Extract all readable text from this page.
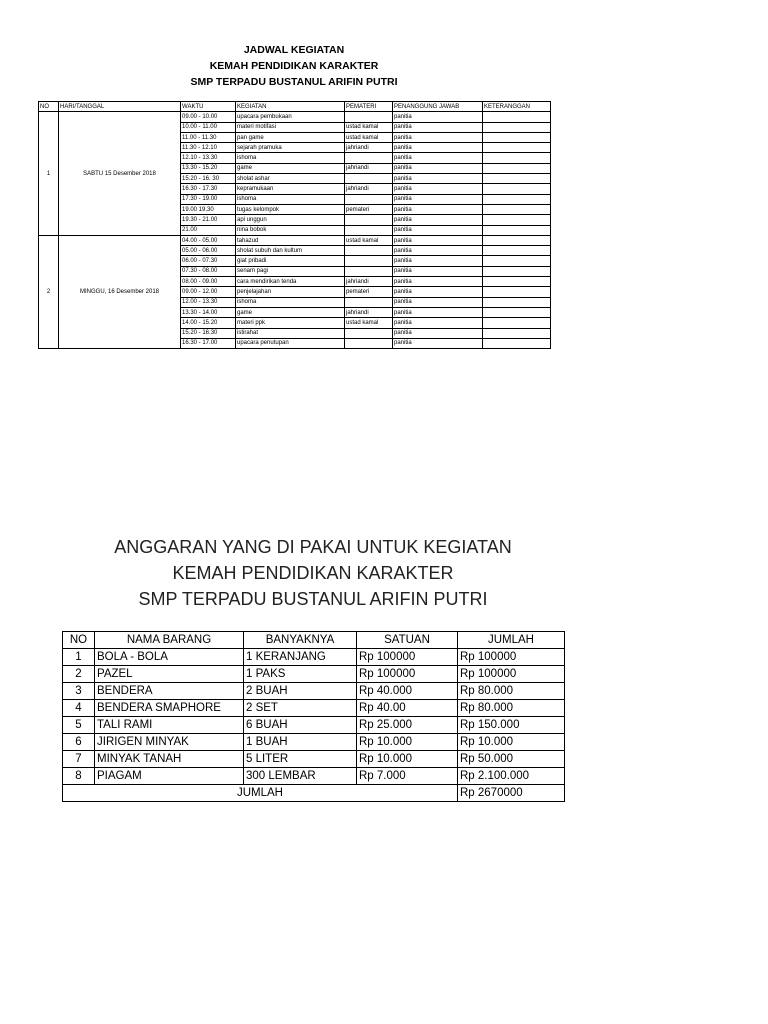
JADWAL KEGIATAN
KEMAH PENDIDIKAN KARAKTER
SMP TERPADU BUSTANUL ARIFIN PUTRI
NO	HARI/TANGGAL	WAKTU	KEGIATAN	PEMATERI	PENANGGUNG JAWAB	KETERANGGAN
1	SABTU 15 Desember 2018	09.00 - 10.00	upacara pembukaan		panitia	
		10.00 - 11.00	materi motifasi	ustad kamal	panitia	
		11.00 - 11.30	pan game	ustad kamal	panitia	
		11.30 - 12.10	sejarah pramuka	jahriandi	panitia	
		12.10 - 13.30	ishoma		panitia	
		13.30 - 15.20	game	jahriandi	panitia	
		15.20 - 16. 30	sholat ashar		panitia	
		16.30 - 17.30	kepramukaan	jahriandi	panitia	
		17.30 - 19.00	ishoma		panitia	
		19.00 19.30	tugas kelompok	pemateri	panitia	
		19.30 - 21.00	api unggun		panitia	
		21.00	nina bobok		panitia	
2	MINGGU, 16 Desember 2018	04.00 - 05.00	tahazud	ustad kamal	panitia	
		05.00 - 06.00	sholat subuh dan kultum		panitia	
		06.00 - 07.30	giat pribadi		panitia	
		07.30 - 08.00	senam pagi		panitia	
		08.00 - 09.00	cara mendirikan tenda	jahriandi	panitia	
		09.00 - 12.00	penjelajahan	pemateri	panitia	
		12.00 - 13.30	ishoma		panitia	
		13.30 - 14.00	game	jahriandi	panitia	
		14.00 - 15.20	materi ppk	ustad kamal	panitia	
		15.20 - 16.30	istirahat		panitia	
		16.30 - 17.00	upacara penutupan		panitia	
ANGGARAN YANG DI PAKAI UNTUK KEGIATAN
KEMAH PENDIDIKAN KARAKTER
SMP TERPADU BUSTANUL ARIFIN PUTRI
NO	NAMA BARANG	BANYAKNYA	SATUAN	JUMLAH
1	BOLA - BOLA	1 KERANJANG	Rp 100000	Rp 100000
2	PAZEL	1 PAKS	Rp 100000	Rp 100000
3	BENDERA	2 BUAH	Rp 40.000	Rp 80.000
4	BENDERA SMAPHORE	2 SET	Rp 40.00	Rp 80.000
5	TALI RAMI	6 BUAH	Rp 25.000	Rp 150.000
6	JIRIGEN MINYAK	1 BUAH	Rp 10.000	Rp 10.000
7	MINYAK TANAH	5 LITER	Rp 10.000	Rp 50.000
8	PIAGAM	300 LEMBAR	Rp 7.000	Rp 2.100.000
JUMLAH				Rp 2670000
